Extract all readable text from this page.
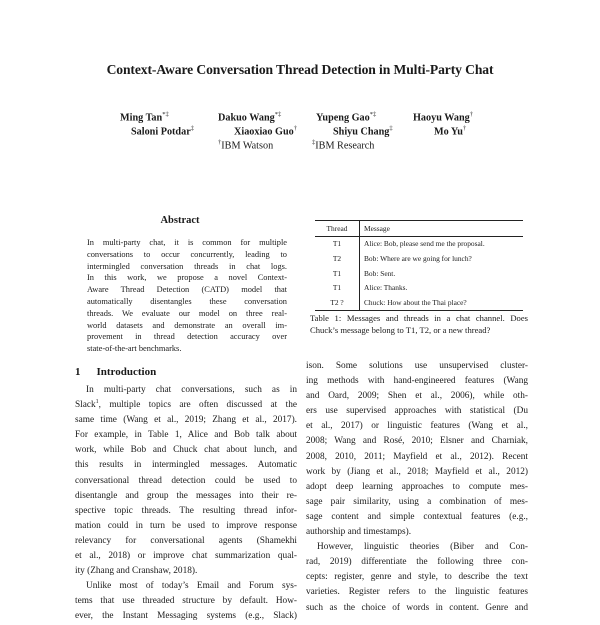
Context-Aware Conversation Thread Detection in Multi-Party Chat
Ming Tan*‡	Dakuo Wang*‡	Yupeng Gao*‡	Haoyu Wang†
Saloni Potdar‡	Xiaoxiao Guo†	Shiyu Chang‡	Mo Yu†
†IBM Watson	‡IBM Research
Abstract
In multi-party chat, it is common for multiple
conversations to occur concurrently, leading to
intermingled conversation threads in chat logs.
In this work, we propose a novel Context-
Aware Thread Detection (CATD) model that
automatically disentangles these conversation
threads. We evaluate our model on three real-
world datasets and demonstrate an overall im-
provement in thread detection accuracy over
state-of-the-art benchmarks.
1 Introduction
In multi-party chat conversations, such as in
Slack$^1$, multiple topics are often discussed at the
same time (Wang et al., 2019; Zhang et al., 2017).
For example, in Table 1, Alice and Bob talk about
work, while Bob and Chuck chat about lunch, and
this results in intermingled messages. Automatic
conversational thread detection could be used to
disentangle and group the messages into their re-
spective topic threads. The resulting thread infor-
mation could in turn be used to improve response
relevancy for conversational agents (Shamekhi
et al., 2018) or improve chat summarization qual-
ity (Zhang and Cranshaw, 2018).
Unlike most of today’s Email and Forum sys-
tems that use threaded structure by default. How-
ever, the Instant Messaging systems (e.g., Slack)
Thread	Message
T1	Alice: Bob, please send me the proposal.
T2	Bob: Where are we going for lunch?
T1	Bob: Sent.
T1	Alice: Thanks.
T2 ?	Chuck: How about the Thai place?
Table 1: Messages and threads in a chat channel. Does
Chuck’s message belong to T1, T2, or a new thread?
ison. Some solutions use unsupervised cluster-
ing methods with hand-engineered features (Wang
and Oard, 2009; Shen et al., 2006), while oth-
ers use supervised approaches with statistical (Du
et al., 2017) or linguistic features (Wang et al.,
2008; Wang and Rosé, 2010; Elsner and Charniak,
2008, 2010, 2011; Mayfield et al., 2012). Recent
work by (Jiang et al., 2018; Mayfield et al., 2012)
adopt deep learning approaches to compute mes-
sage pair similarity, using a combination of mes-
sage content and simple contextual features (e.g.,
authorship and timestamps).
However, linguistic theories (Biber and Con-
rad, 2019) differentiate the following three con-
cepts: register, genre and style, to describe the text
varieties. Register refers to the linguistic features
such as the choice of words in content. Genre and
